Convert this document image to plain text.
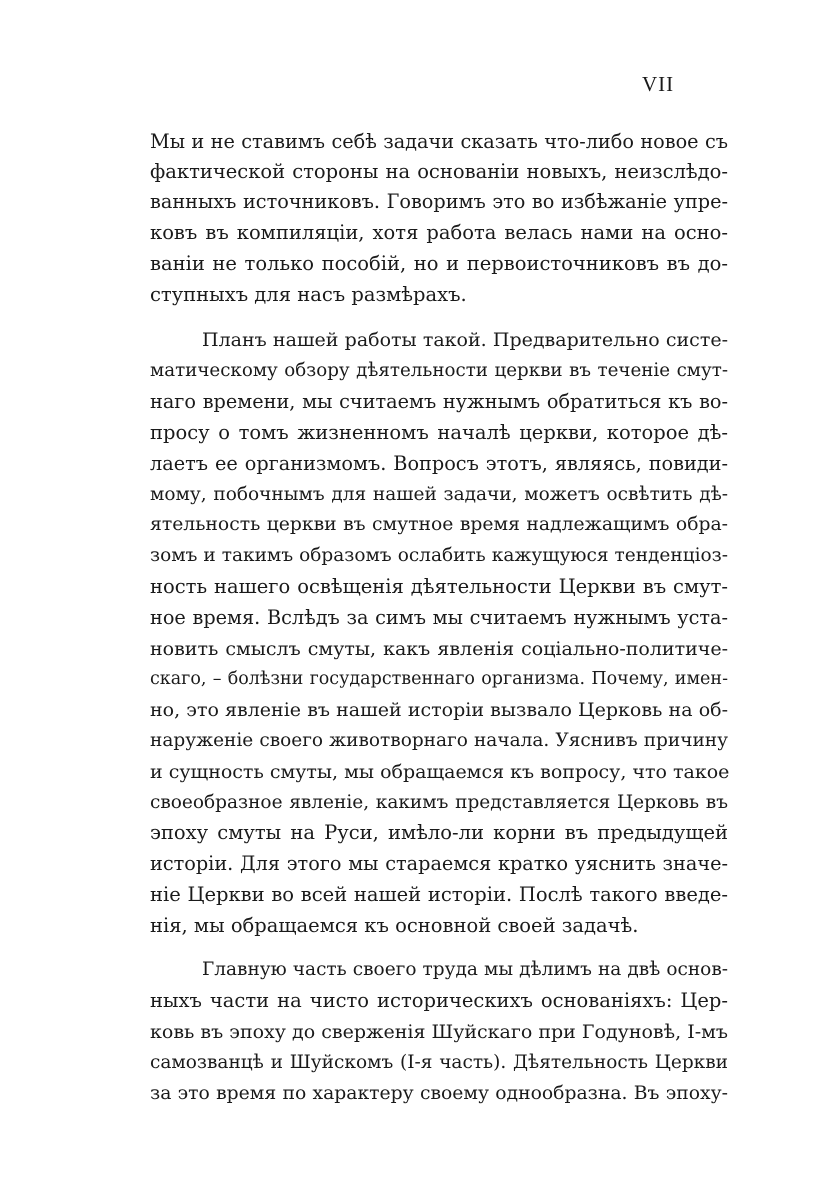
VII
Мы и не ставимъ себѣ задачи сказать что-либо новое съ
фактической стороны на основаніи новыхъ, неизслѣдо-
ванныхъ источниковъ. Говоримъ это во избѣжаніе упре-
ковъ въ компиляціи, хотя работа велась нами на осно-
ваніи не только пособій, но и первоисточниковъ въ до-
ступныхъ для насъ размѣрахъ.
Планъ нашей работы такой. Предварительно систе-
матическому обзору дѣятельности церкви въ теченіе смут-
наго времени, мы считаемъ нужнымъ обратиться къ во-
просу о томъ жизненномъ началѣ церкви, которое дѣ-
лаетъ ее организмомъ. Вопросъ этотъ, являясь, повиди-
мому, побочнымъ для нашей задачи, можетъ освѣтить дѣ-
ятельность церкви въ смутное время надлежащимъ обра-
зомъ и такимъ образомъ ослабить кажущуюся тенденціоз-
ность нашего освѣщенія дѣятельности Церкви въ смут-
ное время. Вслѣдъ за симъ мы считаемъ нужнымъ уста-
новить смыслъ смуты, какъ явленія соціально-политиче-
скаго, – болѣзни государственнаго организма. Почему, имен-
но, это явленіе въ нашей исторіи вызвало Церковь на об-
наруженіе своего животворнаго начала. Уяснивъ причину
и сущность смуты, мы обращаемся къ вопросу, что такое
своеобразное явленіе, какимъ представляется Церковь въ
эпоху смуты на Руси, имѣло-ли корни въ предыдущей
исторіи. Для этого мы стараемся кратко уяснить значе-
ніе Церкви во всей нашей исторіи. Послѣ такого введе-
нія, мы обращаемся къ основной своей задачѣ.
Главную часть своего труда мы дѣлимъ на двѣ основ-
ныхъ части на чисто историческихъ основаніяхъ: Цер-
ковь въ эпоху до сверженія Шуйскаго при Годуновѣ, I-мъ
самозванцѣ и Шуйскомъ (I-я часть). Дѣятельность Церкви
за это время по характеру своему однообразна. Въ эпоху-
